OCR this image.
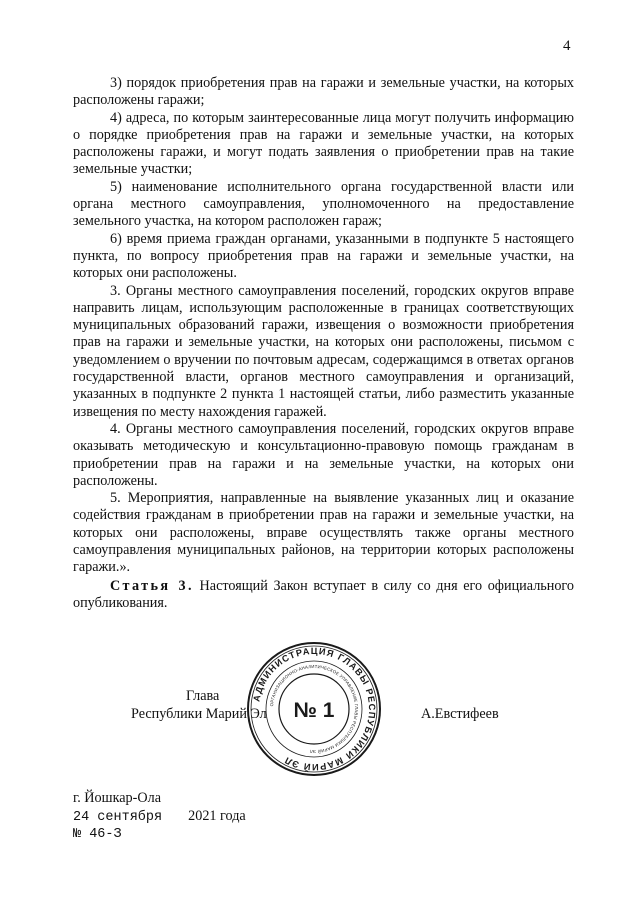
4

3) порядок приобретения прав на гаражи и земельные участки, на которых расположены гаражи;

4) адреса, по которым заинтересованные лица могут получить информацию о порядке приобретения прав на гаражи и земельные участки, на которых расположены гаражи, и могут подать заявления о приобретении прав на такие земельные участки;

5) наименование исполнительного органа государственной власти или органа местного самоуправления, уполномоченного на предоставление земельного участка, на котором расположен гараж;

6) время приема граждан органами, указанными в подпункте 5 настоящего пункта, по вопросу приобретения прав на гаражи и земельные участки, на которых они расположены.

3. Органы местного самоуправления поселений, городских округов вправе направить лицам, использующим расположенные в границах соответствующих муниципальных образований гаражи, извещения о возможности приобретения прав на гаражи и земельные участки, на которых они расположены, письмом с уведомлением о вручении по почтовым адресам, содержащимся в ответах органов государственной власти, органов местного самоуправления и организаций, указанных в подпункте 2 пункта 1 настоящей статьи, либо разместить указанные извещения по месту нахождения гаражей.

4. Органы местного самоуправления поселений, городских округов вправе оказывать методическую и консультационно-правовую помощь гражданам в приобретении прав на гаражи и на земельные участки, на которых они расположены.

5. Мероприятия, направленные на выявление указанных лиц и оказание содействия гражданам в приобретении прав на гаражи и земельные участки, на которых они расположены, вправе осуществлять также органы местного самоуправления муниципальных районов, на территории которых расположены гаражи.».

Статья 3. Настоящий Закон вступает в силу со дня его официального опубликования.

Глава
Республики Марий Эл	А.Евстифеев
АДМИНИСТРАЦИЯ ГЛАВЫ РЕСПУБЛИКИ МАРИЙ ЭЛ
ОРГАНИЗАЦИОННО-АНАЛИТИЧЕСКОЕ УПРАВЛЕНИЕ ГЛАВЫ РЕСПУБЛИКИ МАРИЙ ЭЛ
№ 1
г. Йошкар-Ола
24 сентября 2021 года
№ 46-З
